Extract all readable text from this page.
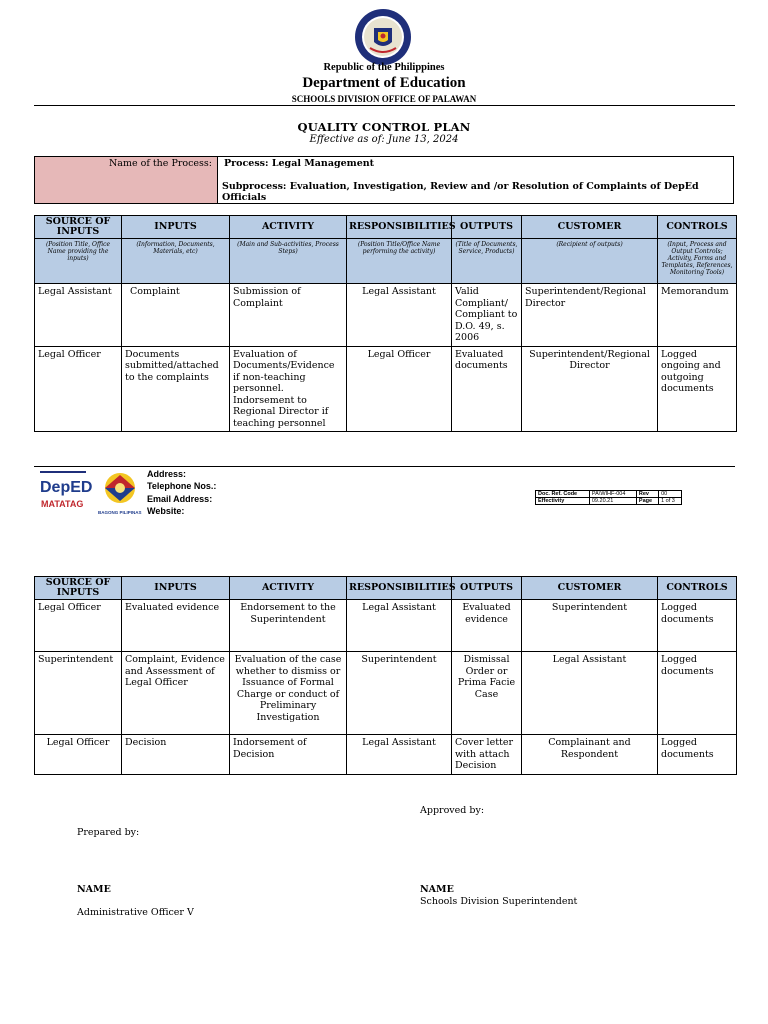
Republic of the Philippines
Department of Education
SCHOOLS DIVISION OFFICE OF PALAWAN
QUALITY CONTROL PLAN
Effective as of: June 13, 2024
Name of the Process:	Process: Legal Management
Subprocess: Evaluation, Investigation, Review and /or Resolution of Complaints of DepEd Officials
SOURCE OF INPUTS	INPUTS	ACTIVITY	RESPONSIBILITIES	OUTPUTS	CUSTOMER	CONTROLS
(Position Title, Office Name providing the inputs)	(Information, Documents, Materials, etc)	(Main and Sub-activities, Process Steps)	(Position Title/Office Name performing the activity)	(Title of Documents, Service, Products)	(Recipient of outputs)	(Input, Process and Output Controls; Activity, Forms and Templates, References, Monitoring Tools)
Legal Assistant	Complaint	Submission of Complaint	Legal Assistant	Valid Compliant/ Compliant to D.O. 49, s. 2006	Superintendent/Regional Director	Memorandum
Legal Officer	Documents submitted/attached to the complaints	Evaluation of Documents/Evidence if non-teaching personnel. Indorsement to Regional Director if teaching personnel	Legal Officer	Evaluated documents	Superintendent/Regional Director	Logged ongoing and outgoing documents
DepED
MATATAG
BAGONG PILIPINAS
Address:
Telephone Nos.:
Email Address:
Website:
Doc. Ref. Code	PA\WIHF-004	Rev	00
Effectivity	09.20.21	Page	1 of 3
SOURCE OF INPUTS	INPUTS	ACTIVITY	RESPONSIBILITIES	OUTPUTS	CUSTOMER	CONTROLS
Legal Officer	Evaluated evidence	Endorsement to the Superintendent	Legal Assistant	Evaluated evidence	Superintendent	Logged documents
Superintendent	Complaint, Evidence and Assessment of Legal Officer	Evaluation of the case whether to dismiss or Issuance of Formal Charge or conduct of Preliminary Investigation	Superintendent	Dismissal Order or Prima Facie Case	Legal Assistant	Logged documents
Legal Officer	Decision	Indorsement of Decision	Legal Assistant	Cover letter with attach Decision	Complainant and Respondent	Logged documents
Approved by:
Prepared by:
NAME
Administrative Officer V
NAME
Schools Division Superintendent
